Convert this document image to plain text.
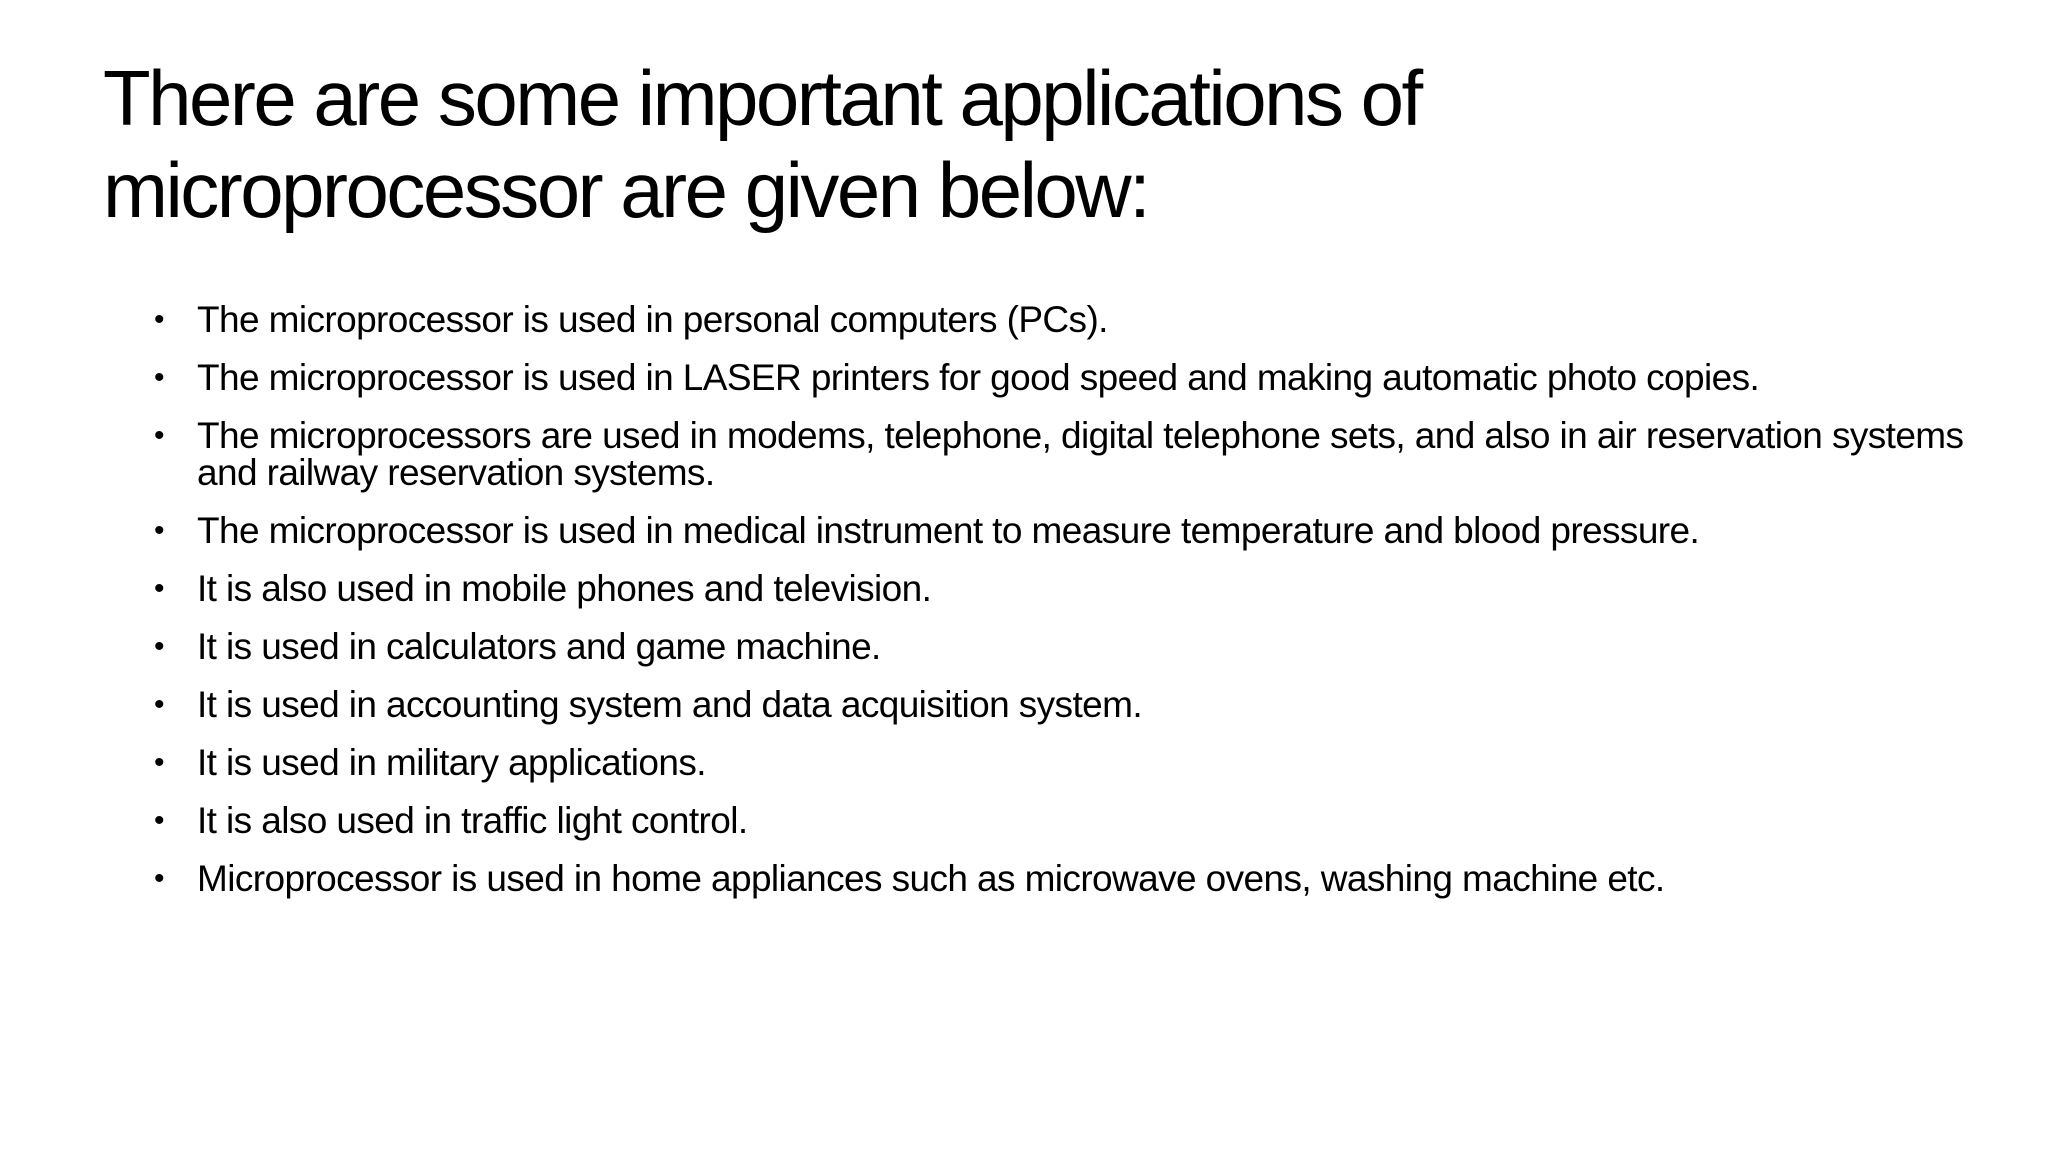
There are some important applications of microprocessor are given below:
• The microprocessor is used in personal computers (PCs).
• The microprocessor is used in LASER printers for good speed and making automatic photo copies.
• The microprocessors are used in modems, telephone, digital telephone sets, and also in air reservation systems and railway reservation systems.
• The microprocessor is used in medical instrument to measure temperature and blood pressure.
• It is also used in mobile phones and television.
• It is used in calculators and game machine.
• It is used in accounting system and data acquisition system.
• It is used in military applications.
• It is also used in traffic light control.
• Microprocessor is used in home appliances such as microwave ovens, washing machine etc.
